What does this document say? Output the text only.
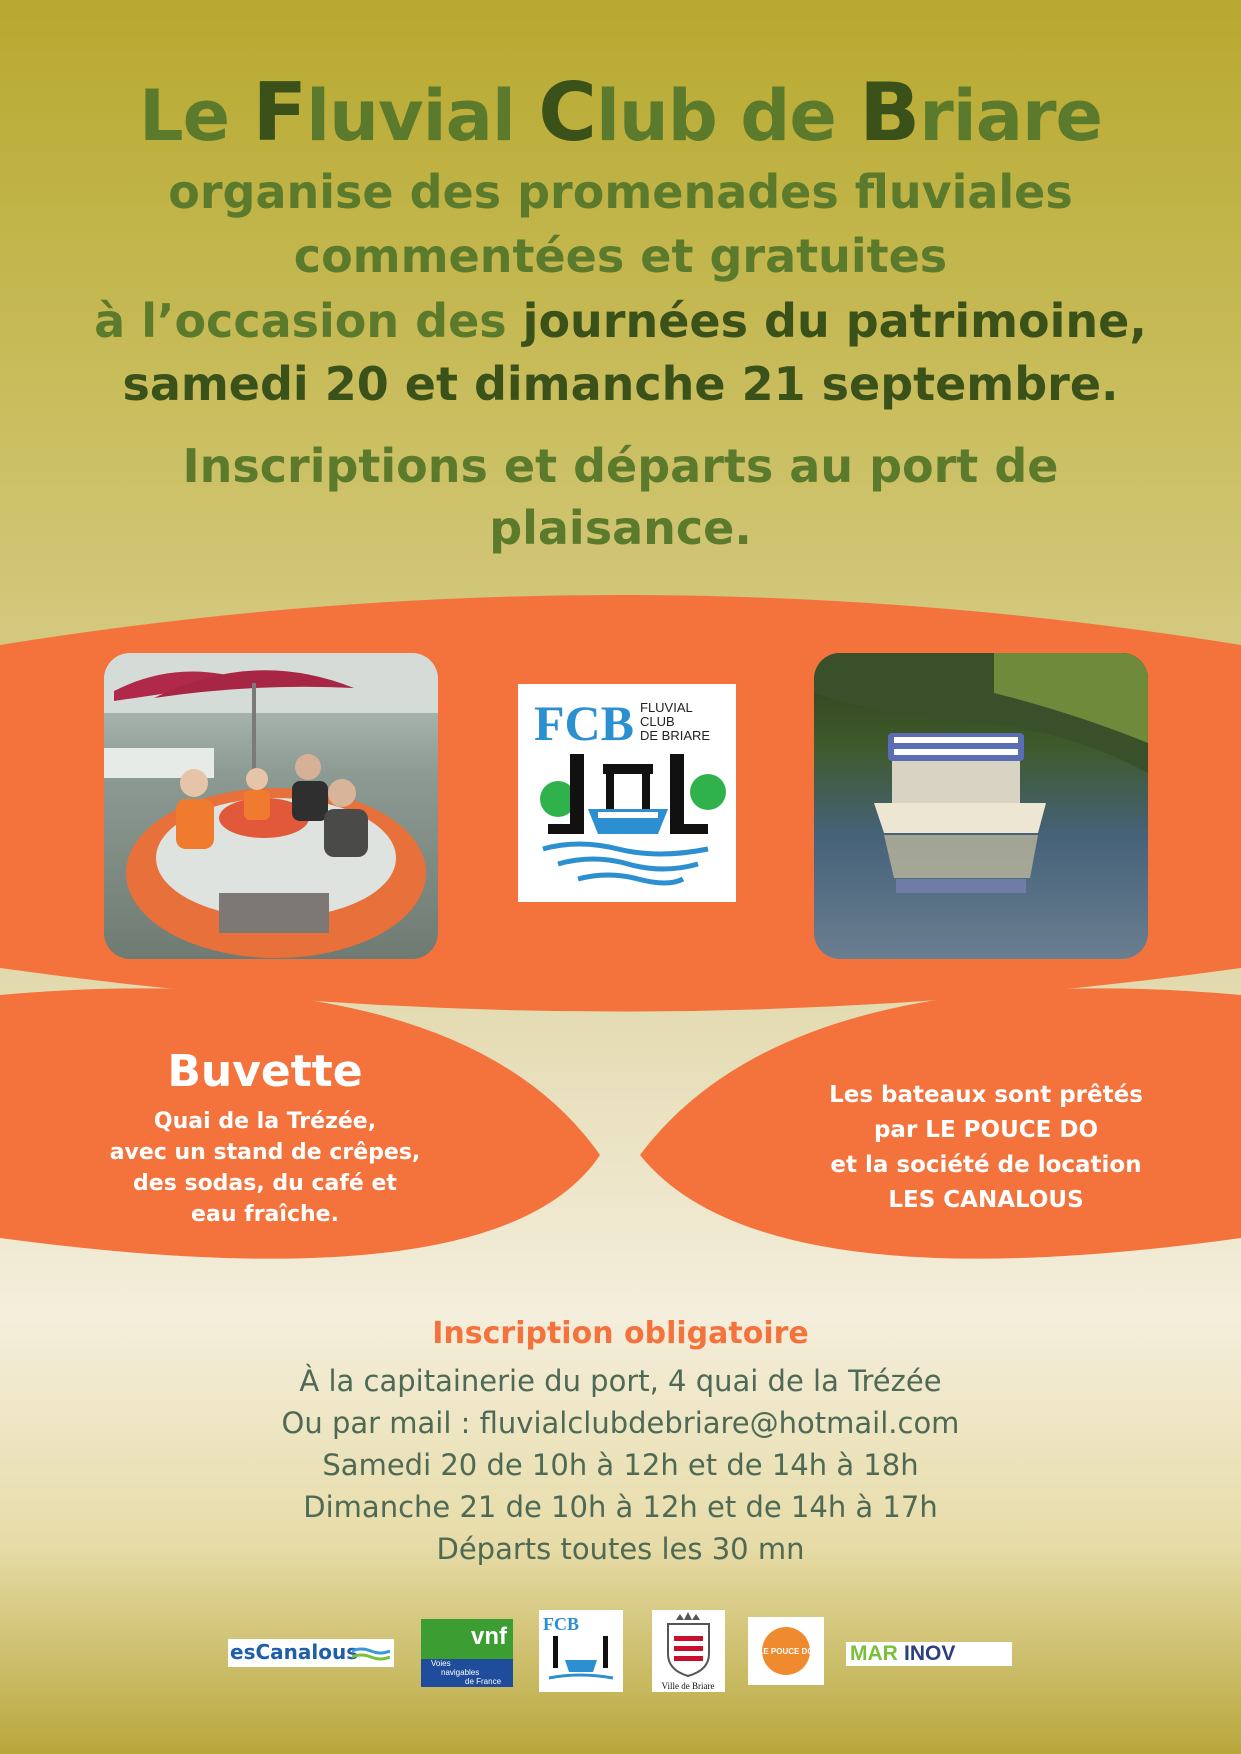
Le Fluvial Club de Briare
organise des promenades fluviales
commentées et gratuites
à l’occasion des journées du patrimoine,
samedi 20 et dimanche 21 septembre.
Inscriptions et départs au port de
plaisance.
FCB FLUVIAL
CLUB
DE BRIARE
Buvette
Quai de la Trézée,
avec un stand de crêpes,
des sodas, du café et
eau fraîche.
Les bateaux sont prêtés
par LE POUCE DO
et la société de location
LES CANALOUS
Inscription obligatoire
À la capitainerie du port, 4 quai de la Trézée
Ou par mail : fluvialclubdebriare@hotmail.com
Samedi 20 de 10h à 12h et de 14h à 18h
Dimanche 21 de 10h à 12h et de 14h à 17h
Départs toutes les 30 mn
esCanalous
vnf
Voies
navigables
de France
FCB
Ville de Briare
LE POUCE DO MAR INOV
